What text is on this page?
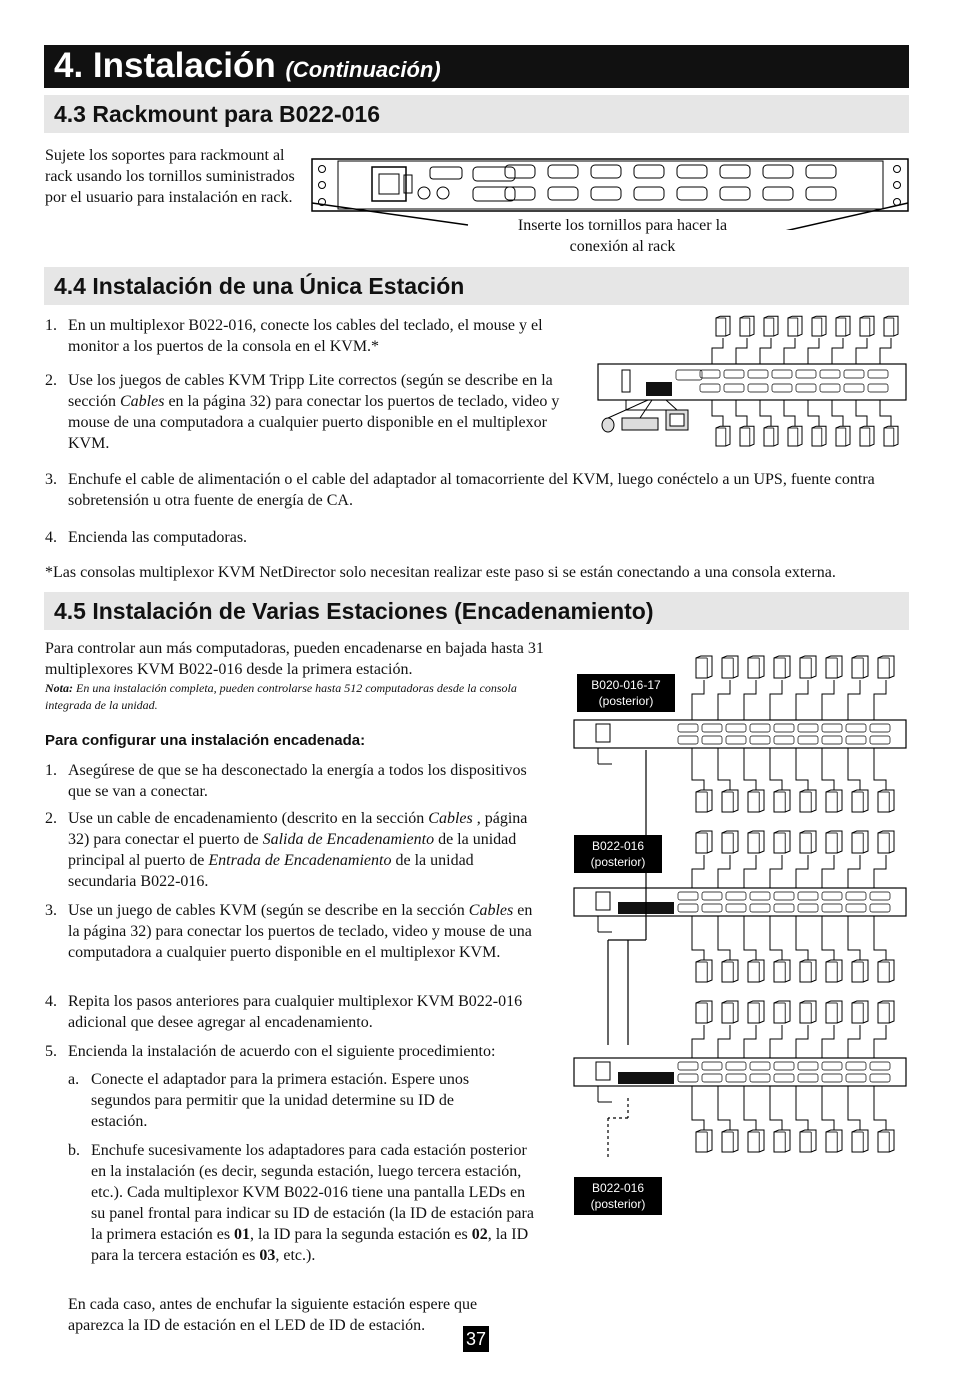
4. Instalación (Continuación)
4.3 Rackmount para B022-016
Sujete los soportes para rackmount al rack usando los tornillos suministrados por el usuario para instalación en rack.
Inserte los tornillos para hacer la conexión al rack
4.4 Instalación de una Única Estación
1. En un multiplexor B022-016, conecte los cables del teclado, el mouse y el monitor a los puertos de la consola en el KVM.*
2. Use los juegos de cables KVM Tripp Lite correctos (según se describe en la sección Cables en la página 32) para conectar los puertos de teclado, video y mouse de una computadora a cualquier puerto disponible en el multiplexor KVM.
3. Enchufe el cable de alimentación o el cable del adaptador al tomacorriente del KVM, luego conéctelo a un UPS, fuente contra sobretensión u otra fuente de energía de CA.
4. Encienda las computadoras.
*Las consolas multiplexor KVM NetDirector solo necesitan realizar este paso si se están conectando a una consola externa.
4.5 Instalación de Varias Estaciones (Encadenamiento)
Para controlar aun más computadoras, pueden encadenarse en bajada hasta 31 multiplexores KVM B022-016 desde la primera estación.
Nota: En una instalación completa, pueden controlarse hasta 512 computadoras desde la consola integrada de la unidad.
Para configurar una instalación encadenada:
1. Asegúrese de que se ha desconectado la energía a todos los dispositivos que se van a conectar.
2. Use un cable de encadenamiento (descrito en la sección Cables , página 32) para conectar el puerto de Salida de Encadenamiento de la unidad principal al puerto de Entrada de Encadenamiento de la unidad secundaria B022-016.
3. Use un juego de cables KVM (según se describe en la sección Cables en la página 32) para conectar los puertos de teclado, video y mouse de una computadora a cualquier puerto disponible en el multiplexor KVM.
4. Repita los pasos anteriores para cualquier multiplexor KVM B022-016 adicional que desee agregar al encadenamiento.
5. Encienda la instalación de acuerdo con el siguiente procedimiento:
a. Conecte el adaptador para la primera estación. Espere unos segundos para permitir que la unidad determine su ID de estación.
b. Enchufe sucesivamente los adaptadores para cada estación posterior en la instalación (es decir, segunda estación, luego tercera estación, etc.). Cada multiplexor KVM B022-016 tiene una pantalla LEDs en su panel frontal para indicar su ID de estación (la ID de estación para la primera estación es 01, la ID para la segunda estación es 02, la ID para la tercera estación es 03, etc.).
En cada caso, antes de enchufar la siguiente estación espere que aparezca la ID de estación en el LED de ID de estación.
B020-016-17
(posterior)
B022-016
(posterior)
B022-016
(posterior)
37
